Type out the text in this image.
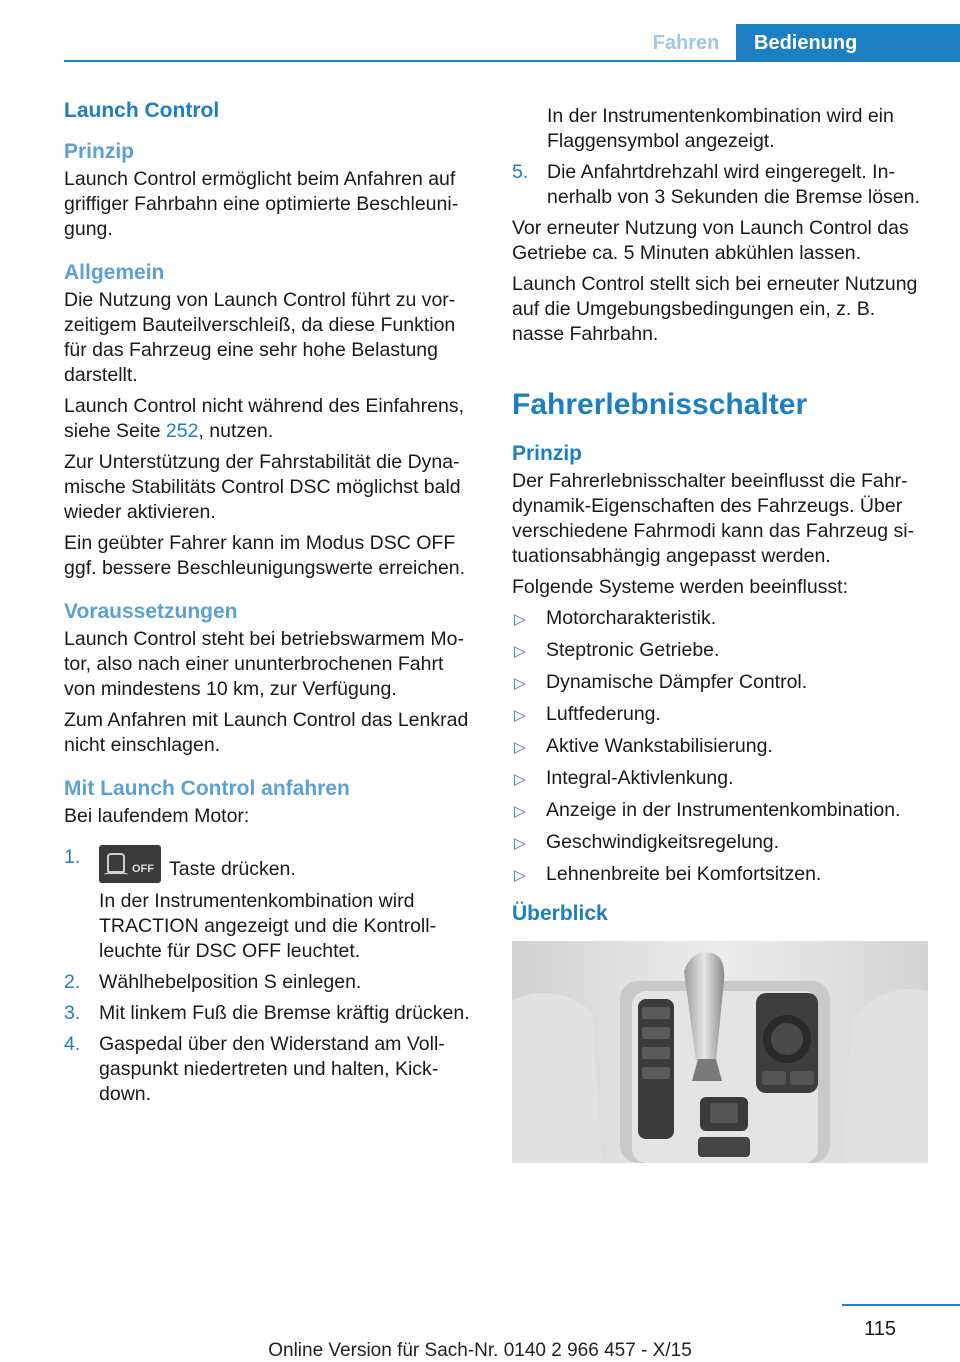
Fahren	Bedienung
Launch Control
Prinzip

Launch Control ermöglicht beim Anfahren auf griffiger Fahrbahn eine optimierte Beschleunigung.

Allgemein

Die Nutzung von Launch Control führt zu vorzeitigem Bauteilverschleiß, da diese Funktion für das Fahrzeug eine sehr hohe Belastung darstellt.

Launch Control nicht während des Einfahrens, siehe Seite 252, nutzen.

Zur Unterstützung der Fahrstabilität die Dynamische Stabilitäts Control DSC möglichst bald wieder aktivieren.

Ein geübter Fahrer kann im Modus DSC OFF ggf. bessere Beschleunigungswerte erreichen.

Voraussetzungen

Launch Control steht bei betriebswarmem Motor, also nach einer ununterbrochenen Fahrt von mindestens 10 km, zur Verfügung.

Zum Anfahren mit Launch Control das Lenkrad nicht einschlagen.

Mit Launch Control anfahren

Bei laufendem Motor:

1.
OFF Taste drücken.
In der Instrumentenkombination wird TRACTION angezeigt und die Kontrollleuchte für DSC OFF leuchtet.
2. Wählhebelposition S einlegen.
3. Mit linkem Fuß die Bremse kräftig drücken.
4. Gaspedal über den Widerstand am Vollgaspunkt niedertreten und halten, Kickdown.
In der Instrumentenkombination wird ein Flaggensymbol angezeigt.
5. Die Anfahrtdrehzahl wird eingeregelt. Innerhalb von 3 Sekunden die Bremse lösen.

Vor erneuter Nutzung von Launch Control das Getriebe ca. 5 Minuten abkühlen lassen.

Launch Control stellt sich bei erneuter Nutzung auf die Umgebungsbedingungen ein, z. B. nasse Fahrbahn.

Fahrerlebnisschalter
Prinzip

Der Fahrerlebnisschalter beeinflusst die Fahrdynamik-Eigenschaften des Fahrzeugs. Über verschiedene Fahrmodi kann das Fahrzeug situationsabhängig angepasst werden.

Folgende Systeme werden beeinflusst:

▷ Motorcharakteristik.
▷ Steptronic Getriebe.
▷ Dynamische Dämpfer Control.
▷ Luftfederung.
▷ Aktive Wankstabilisierung.
▷ Integral-Aktivlenkung.
▷ Anzeige in der Instrumentenkombination.
▷ Geschwindigkeitsregelung.
▷ Lehnenbreite bei Komfortsitzen.
Überblick
115
Online Version für Sach-Nr. 0140 2 966 457 - X/15
